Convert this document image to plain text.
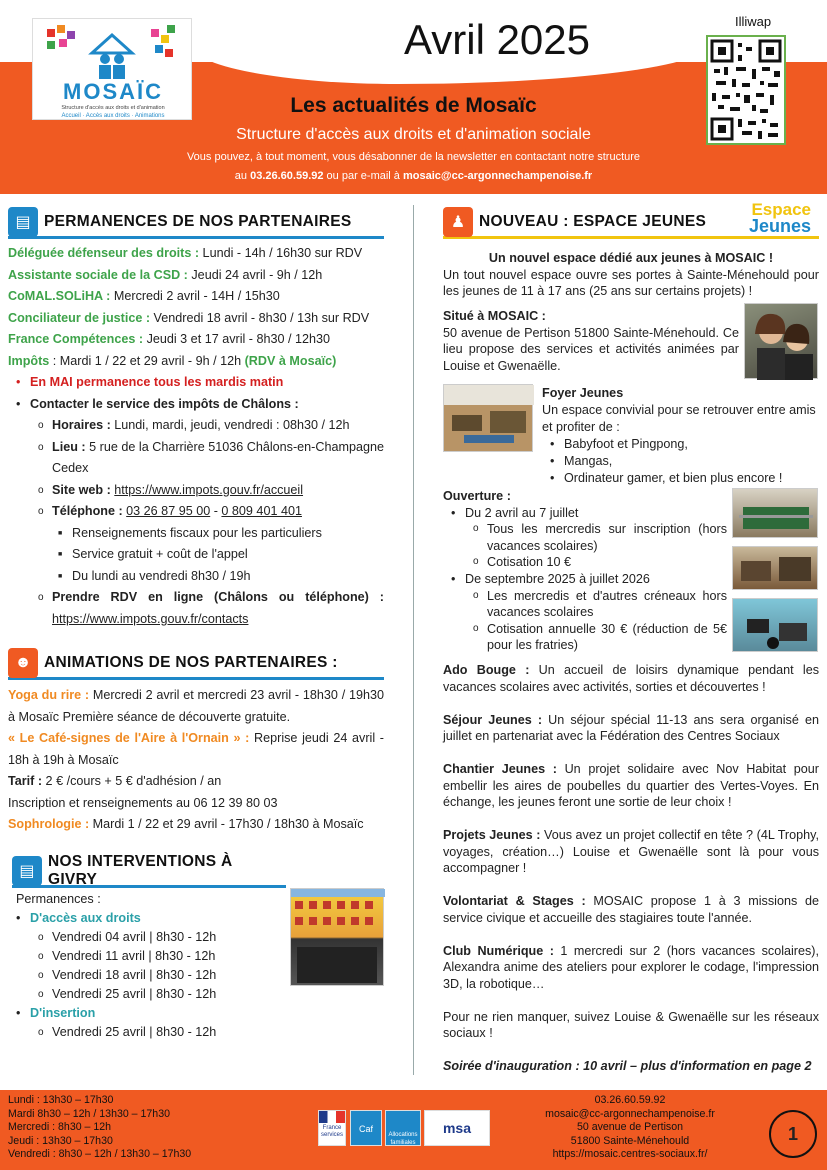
MOSAÏC
Structure d'accès aux droits et d'animation
Accueil · Accès aux droits · Animations
Avril 2025	Illiwap
Les actualités de Mosaïc
Structure d'accès aux droits et d'animation sociale
Vous pouvez, à tout moment, vous désabonner de la newsletter en contactant notre structure
au 03.26.60.59.92 ou par e-mail à mosaic@cc-argonnechampenoise.fr
▤ PERMANENCES DE NOS PARTENAIRES
Déléguée défenseur des droits : Lundi - 14h / 16h30 sur RDV
Assistante sociale de la CSD : Jeudi 24 avril - 9h / 12h
CoMAL.SOLiHA : Mercredi 2 avril - 14H / 15h30
Conciliateur de justice : Vendredi 18 avril - 8h30 / 13h sur RDV
France Compétences : Jeudi 3 et 17 avril - 8h30 / 12h30
Impôts : Mardi 1 / 22 et 29 avril - 9h / 12h (RDV à Mosaïc)
• En MAI permanence tous les mardis matin
• Contacter le service des impôts de Châlons :
o Horaires : Lundi, mardi, jeudi, vendredi : 08h30 / 12h
o Lieu : 5 rue de la Charrière 51036 Châlons-en-Champagne Cedex
o Site web : https://www.impots.gouv.fr/accueil
o Téléphone : 03 26 87 95 00 - 0 809 401 401
■ Renseignements fiscaux pour les particuliers
■ Service gratuit + coût de l'appel
■ Du lundi au vendredi 8h30 / 19h
o Prendre RDV en ligne (Châlons ou téléphone) : https://www.impots.gouv.fr/contacts
☻ ANIMATIONS DE NOS PARTENAIRES :
Yoga du rire : Mercredi 2 avril et mercredi 23 avril - 18h30 / 19h30 à Mosaïc Première séance de découverte gratuite.
« Le Café-signes de l'Aire à l'Ornain » : Reprise jeudi 24 avril - 18h à 19h à Mosaïc
Tarif : 2 € /cours + 5 € d'adhésion / an
Inscription et renseignements au 06 12 39 80 03
Sophrologie : Mardi 1 / 22 et 29 avril - 17h30 / 18h30 à Mosaïc
▤
NOS INTERVENTIONS À GIVRY
Permanences :
• D'accès aux droits
o Vendredi 04 avril | 8h30 - 12h
o Vendredi 11 avril | 8h30 - 12h
o Vendredi 18 avril | 8h30 - 12h
o Vendredi 25 avril | 8h30 - 12h
• D'insertion
o Vendredi 25 avril | 8h30 - 12h
♟ NOUVEAU : ESPACE JEUNES
Espace
Jeunes
Un nouvel espace dédié aux jeunes à MOSAIC !
Un tout nouvel espace ouvre ses portes à Sainte-Ménehould pour les jeunes de 11 à 17 ans (25 ans sur certains projets) !
Situé à MOSAIC :
50 avenue de Pertison 51800 Sainte-Ménehould. Ce lieu propose des services et activités animées par Louise et Gwenaëlle.
Foyer Jeunes
Un espace convivial pour se retrouver entre amis et profiter de :
• Babyfoot et Pingpong,
• Mangas,
• Ordinateur gamer, et bien plus encore !
Ouverture :
• Du 2 avril au 7 juillet
o Tous les mercredis sur inscription (hors vacances scolaires)
o Cotisation 10 €
• De septembre 2025 à juillet 2026
o Les mercredis et d'autres créneaux hors vacances scolaires
o Cotisation annuelle 30 € (réduction de 5€ pour les fratries)
Ado Bouge : Un accueil de loisirs dynamique pendant les vacances scolaires avec activités, sorties et découvertes !
Séjour Jeunes : Un séjour spécial 11-13 ans sera organisé en juillet en partenariat avec la Fédération des Centres Sociaux
Chantier Jeunes : Un projet solidaire avec Nov Habitat pour embellir les aires de poubelles du quartier des Vertes-Voyes. En échange, les jeunes feront une sortie de leur choix !
Projets Jeunes : Vous avez un projet collectif en tête ? (4L Trophy, voyages, création…) Louise et Gwenaëlle sont là pour vous accompagner !
Volontariat & Stages : MOSAIC propose 1 à 3 missions de service civique et accueille des stagiaires toute l'année.
Club Numérique : 1 mercredi sur 2 (hors vacances scolaires), Alexandra anime des ateliers pour explorer le codage, l'impression 3D, la robotique…
Pour ne rien manquer, suivez Louise & Gwenaëlle sur les réseaux sociaux !
Soirée d'inauguration : 10 avril – plus d'information en page 2
Lundi : 13h30 – 17h30
Mardi 8h30 – 12h / 13h30 – 17h30
Mercredi : 8h30 – 12h
Jeudi : 13h30 – 17h30
Vendredi : 8h30 – 12h / 13h30 – 17h30
France services
Caf
Allocations familiales
msa
03.26.60.59.92
mosaic@cc-argonnechampenoise.fr
50 avenue de Pertison
51800 Sainte-Ménehould
https://mosaic.centres-sociaux.fr/
1
